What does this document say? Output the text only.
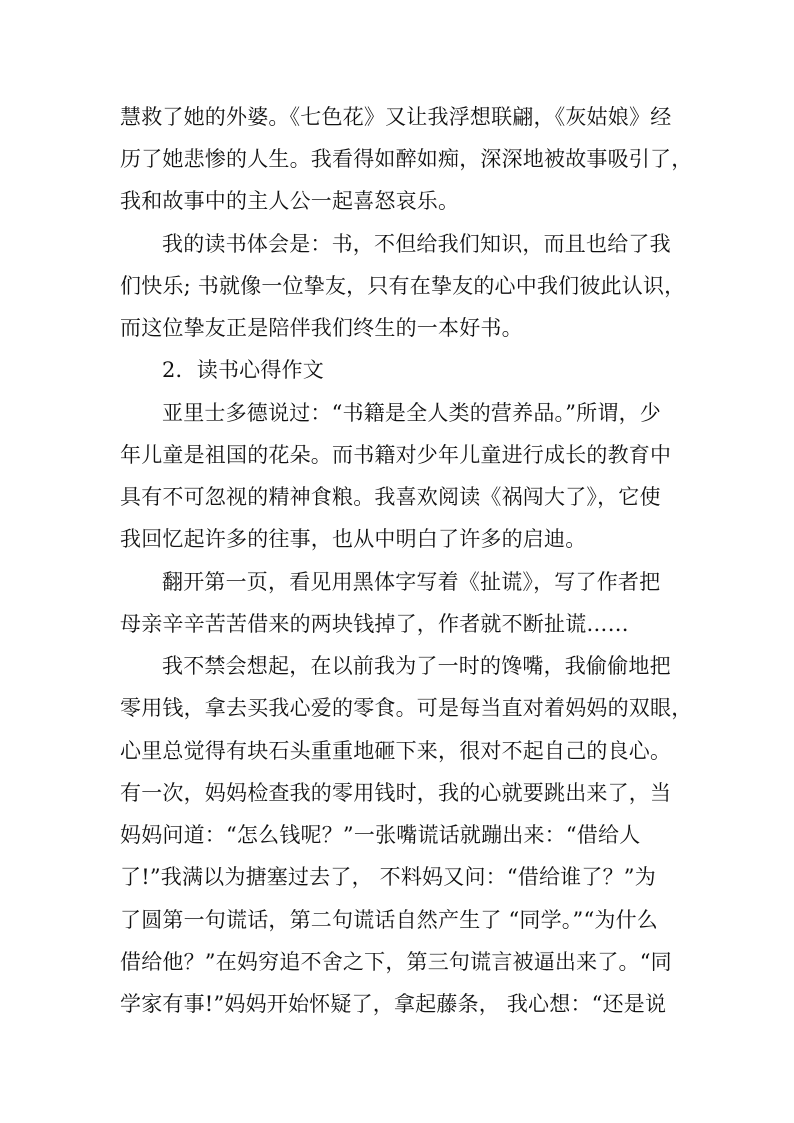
慧救了她的外婆。《七色花》又让我浮想联翩，《灰姑娘》经
历了她悲惨的人生。我看得如醉如痴，深深地被故事吸引了，
我和故事中的主人公一起喜怒哀乐。
我的读书体会是：书，不但给我们知识，而且也给了我
们快乐; 书就像一位挚友，只有在挚友的心中我们彼此认识，
而这位挚友正是陪伴我们终生的一本好书。
2．读书心得作文
亚里士多德说过：“书籍是全人类的营养品。”所谓，少
年儿童是祖国的花朵。而书籍对少年儿童进行成长的教育中
具有不可忽视的精神食粮。我喜欢阅读《祸闯大了》，它使
我回忆起许多的往事，也从中明白了许多的启迪。
翻开第一页，看见用黑体字写着《扯谎》，写了作者把
母亲辛辛苦苦借来的两块钱掉了，作者就不断扯谎……
我不禁会想起，在以前我为了一时的馋嘴，我偷偷地把
零用钱，拿去买我心爱的零食。可是每当直对着妈妈的双眼，
心里总觉得有块石头重重地砸下来，很对不起自己的良心。
有一次，妈妈检查我的零用钱时，我的心就要跳出来了，当
妈妈问道：“怎么钱呢？”一张嘴谎话就蹦出来：“借给人
了!”我满以为搪塞过去了， 不料妈又问：“借给谁了？”为
了圆第一句谎话，第二句谎话自然产生了 “同学。”“为什么
借给他？”在妈穷追不舍之下，第三句谎言被逼出来了。“同
学家有事!”妈妈开始怀疑了，拿起藤条， 我心想：“还是说
